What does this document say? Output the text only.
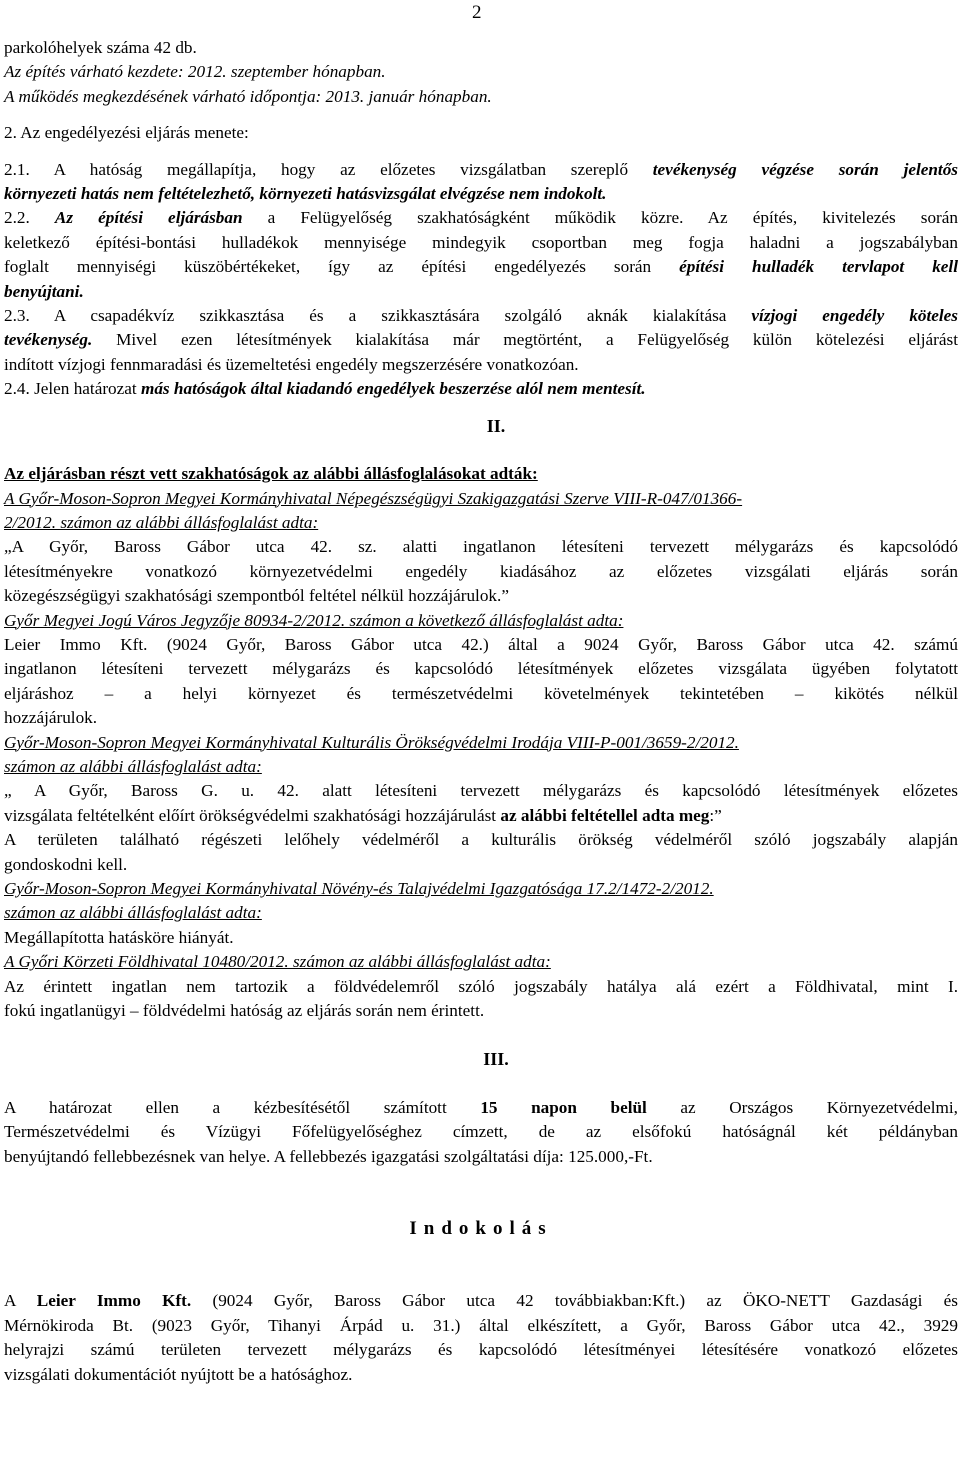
2
parkolóhelyek száma 42 db.
Az építés várható kezdete: 2012. szeptember hónapban.
A működés megkezdésének várható időpontja: 2013. január hónapban.
2. Az engedélyezési eljárás menete:
2.1. A hatóság megállapítja, hogy az előzetes vizsgálatban szereplő tevékenység végzése során jelentős
környezeti hatás nem feltételezhető, környezeti hatásvizsgálat elvégzése nem indokolt.
2.2. Az építési eljárásban a Felügyelőség szakhatóságként működik közre. Az építés, kivitelezés során
keletkező építési-bontási hulladékok mennyisége mindegyik csoportban meg fogja haladni a jogszabályban
foglalt mennyiségi küszöbértékeket, így az építési engedélyezés során építési hulladék tervlapot kell
benyújtani.
2.3. A csapadékvíz szikkasztása és a szikkasztására szolgáló aknák kialakítása vízjogi engedély köteles
tevékenység. Mivel ezen létesítmények kialakítása már megtörtént, a Felügyelőség külön kötelezési eljárást
indított vízjogi fennmaradási és üzemeltetési engedély megszerzésére vonatkozóan.
2.4. Jelen határozat más hatóságok által kiadandó engedélyek beszerzése alól nem mentesít.
II.
Az eljárásban részt vett szakhatóságok az alábbi állásfoglalásokat adták:
A Győr-Moson-Sopron Megyei Kormányhivatal Népegészségügyi Szakigazgatási Szerve VIII-R-047/01366-
2/2012. számon az alábbi állásfoglalást adta:
„A Győr, Baross Gábor utca 42. sz. alatti ingatlanon létesíteni tervezett mélygarázs és kapcsolódó
létesítményekre vonatkozó környezetvédelmi engedély kiadásához az előzetes vizsgálati eljárás során
közegészségügyi szakhatósági szempontból feltétel nélkül hozzájárulok.”
Győr Megyei Jogú Város Jegyzője 80934-2/2012. számon a következő állásfoglalást adta:
Leier Immo Kft. (9024 Győr, Baross Gábor utca 42.) által a 9024 Győr, Baross Gábor utca 42. számú
ingatlanon létesíteni tervezett mélygarázs és kapcsolódó létesítmények előzetes vizsgálata ügyében folytatott
eljáráshoz – a helyi környezet és természetvédelmi követelmények tekintetében – kikötés nélkül
hozzájárulok.
Győr-Moson-Sopron Megyei Kormányhivatal Kulturális Örökségvédelmi Irodája VIII-P-001/3659-2/2012.
számon az alábbi állásfoglalást adta:
„ A Győr, Baross G. u. 42. alatt létesíteni tervezett mélygarázs és kapcsolódó létesítmények előzetes
vizsgálata feltételként előírt örökségvédelmi szakhatósági hozzájárulást az alábbi feltétellel adta meg:”
A területen található régészeti lelőhely védelméről a kulturális örökség védelméről szóló jogszabály alapján
gondoskodni kell.
Győr-Moson-Sopron Megyei Kormányhivatal Növény-és Talajvédelmi Igazgatósága 17.2/1472-2/2012.
számon az alábbi állásfoglalást adta:
Megállapította hatásköre hiányát.
A Győri Körzeti Földhivatal 10480/2012. számon az alábbi állásfoglalást adta:
Az érintett ingatlan nem tartozik a földvédelemről szóló jogszabály hatálya alá ezért a Földhivatal, mint I.
fokú ingatlanügyi – földvédelmi hatóság az eljárás során nem érintett.
III.
A határozat ellen a kézbesítésétől számított 15 napon belül az Országos Környezetvédelmi,
Természetvédelmi és Vízügyi Főfelügyelőséghez címzett, de az elsőfokú hatóságnál két példányban
benyújtandó fellebbezésnek van helye. A fellebbezés igazgatási szolgáltatási díja: 125.000,-Ft.
Indokolás
A Leier Immo Kft. (9024 Győr, Baross Gábor utca 42 továbbiakban:Kft.) az ÖKO-NETT Gazdasági és
Mérnökiroda Bt. (9023 Győr, Tihanyi Árpád u. 31.) által elkészített, a Győr, Baross Gábor utca 42., 3929
helyrajzi számú területen tervezett mélygarázs és kapcsolódó létesítményei létesítésére vonatkozó előzetes
vizsgálati dokumentációt nyújtott be a hatósághoz.
